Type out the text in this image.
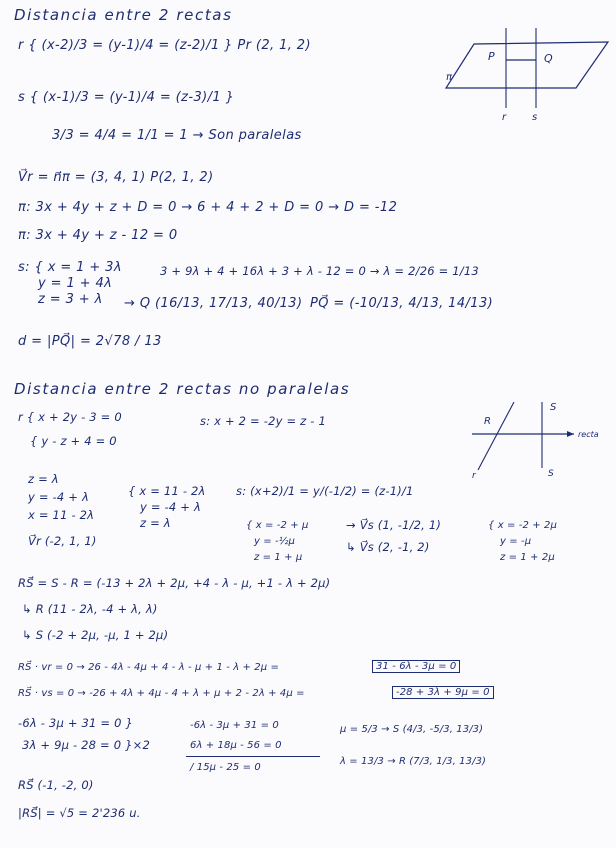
Distancia entre 2 rectas
r { (x-2)/3 = (y-1)/4 = (z-2)/1 } Pr (2, 1, 2)
s { (x-1)/3 = (y-1)/4 = (z-3)/1 }
3/3 = 4/4 = 1/1 = 1 → Son paralelas
V⃗r = n⃗π = (3, 4, 1) P(2, 1, 2)
π: 3x + 4y + z + D = 0 → 6 + 4 + 2 + D = 0 → D = -12
π: 3x + 4y + z - 12 = 0
s: { x = 1 + 3λ
y = 1 + 4λ
z = 3 + λ
3 + 9λ + 4 + 16λ + 3 + λ - 12 = 0 → λ = 2/26 = 1/13
→ Q (16/13, 17/13, 40/13) PQ⃗ = (-10/13, 4/13, 14/13)
d = |PQ⃗| = 2√78 / 13
P	Q
π
r	s
Distancia entre 2 rectas no paralelas
r { x + 2y - 3 = 0
{ y - z + 4 = 0
s: x + 2 = -2y = z - 1
z = λ
y = -4 + λ
x = 11 - 2λ
{ x = 11 - 2λ
y = -4 + λ
z = λ
V⃗r (-2, 1, 1)
s: (x+2)/1 = y/(-1/2) = (z-1)/1
{ x = -2 + μ
y = -½μ
z = 1 + μ
→ V⃗s (1, -1/2, 1)
↳ V⃗s (2, -1, 2)
{ x = -2 + 2μ
y = -μ
z = 1 + 2μ
RS⃗ = S - R = (-13 + 2λ + 2μ, +4 - λ - μ, +1 - λ + 2μ)
↳ R (11 - 2λ, -4 + λ, λ)
↳ S (-2 + 2μ, -μ, 1 + 2μ)
RS⃗ · vr = 0 → 26 - 4λ - 4μ + 4 - λ - μ + 1 - λ + 2μ =	31 - 6λ - 3μ = 0
RS⃗ · vs = 0 → -26 + 4λ + 4μ - 4 + λ + μ + 2 - 2λ + 4μ =	-28 + 3λ + 9μ = 0
-6λ - 3μ + 31 = 0 }
3λ + 9μ - 28 = 0 }×2
-6λ - 3μ + 31 = 0
6λ + 18μ - 56 = 0
/ 15μ - 25 = 0
μ = 5/3 → S (4/3, -5/3, 13/3)
λ = 13/3 → R (7/3, 1/3, 13/3)
RS⃗ (-1, -2, 0)
|RS⃗| = √5 = 2'236 u.
R
S
S
r
recta
